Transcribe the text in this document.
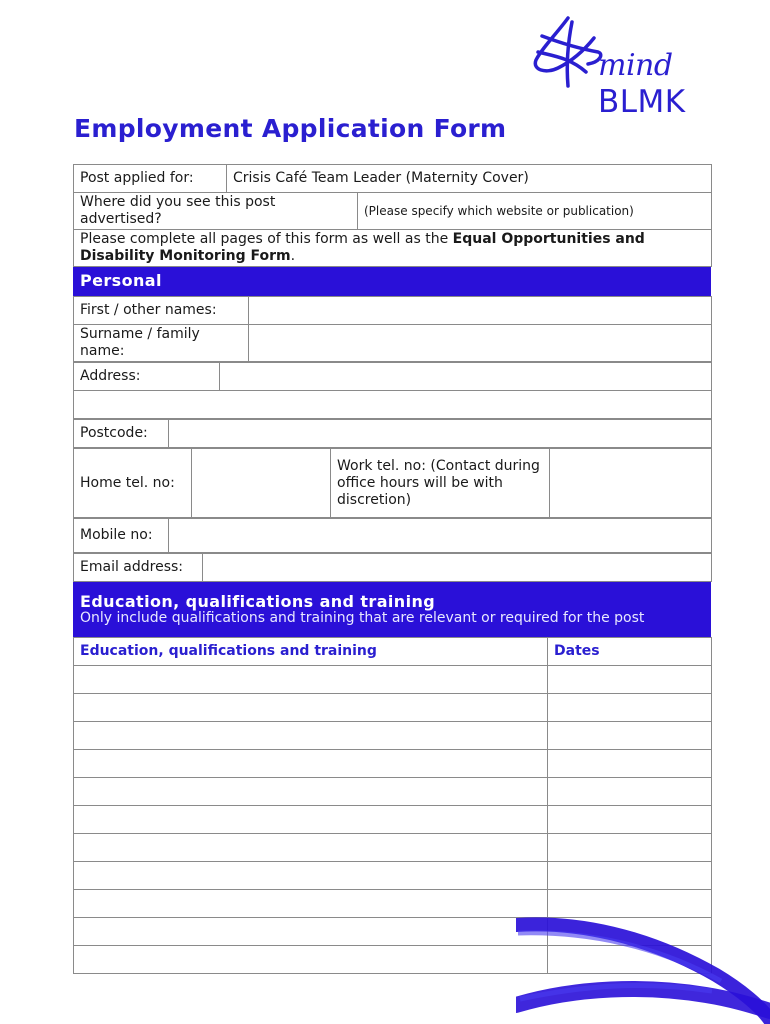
mind
BLMK
Employment Application Form
Post applied for:	Crisis Café Team Leader (Maternity Cover)	
Where did you see this post advertised?		(Please specify which website or publication)
Please complete all pages of this form as well as the Equal Opportunities and Disability Monitoring Form.		
Personal
First / other names:	
Surname / family name:	
Address:	

Postcode:	
Home tel. no:		Work tel. no: (Contact during office hours will be with discretion)	
Mobile no:	
Email address:	
Education, qualifications and training
Only include qualifications and training that are relevant or required for the post
Education, qualifications and training	Dates
